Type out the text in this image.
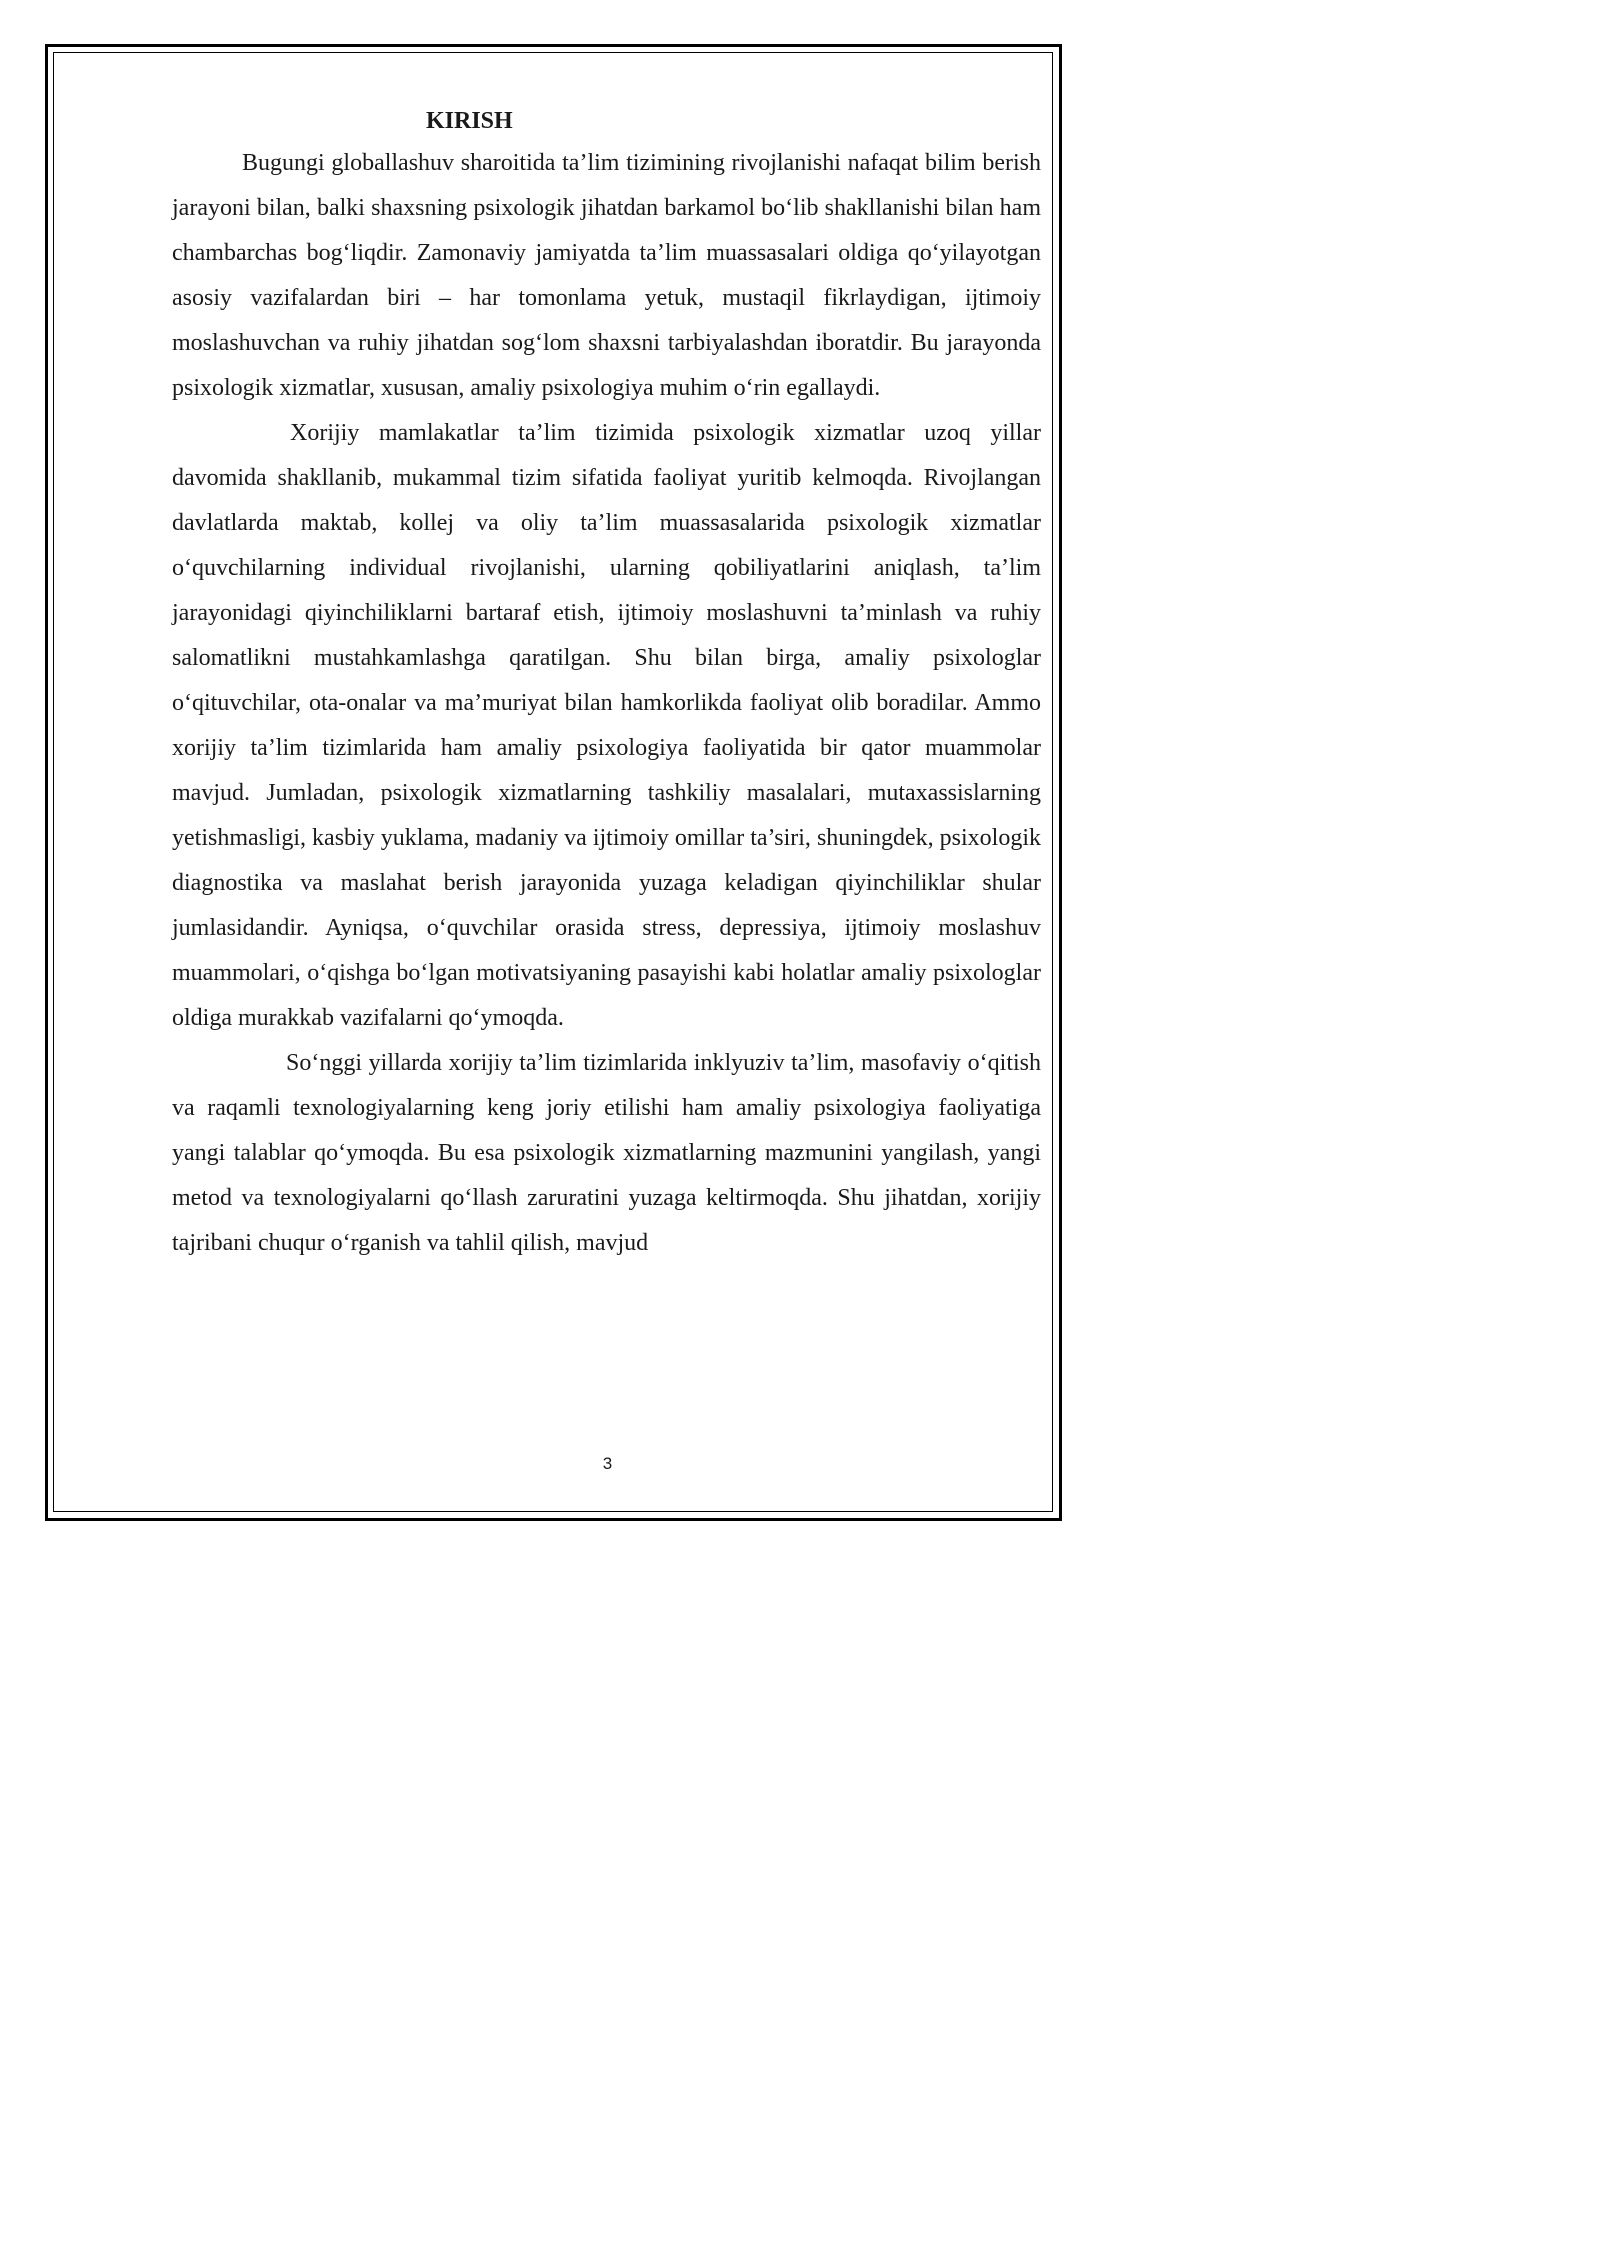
KIRISH

Bugungi globallashuv sharoitida ta’lim tizimining rivojlanishi nafaqat bilim berish jarayoni bilan, balki shaxsning psixologik jihatdan barkamol bo‘lib shakllanishi bilan ham chambarchas bog‘liqdir. Zamonaviy jamiyatda ta’lim muassasalari oldiga qo‘yilayotgan asosiy vazifalardan biri – har tomonlama yetuk, mustaqil fikrlaydigan, ijtimoiy moslashuvchan va ruhiy jihatdan sog‘lom shaxsni tarbiyalashdan iboratdir. Bu jarayonda psixologik xizmatlar, xususan, amaliy psixologiya muhim o‘rin egallaydi.

Xorijiy mamlakatlar ta’lim tizimida psixologik xizmatlar uzoq yillar davomida shakllanib, mukammal tizim sifatida faoliyat yuritib kelmoqda. Rivojlangan davlatlarda maktab, kollej va oliy ta’lim muassasalarida psixologik xizmatlar o‘quvchilarning individual rivojlanishi, ularning qobiliyatlarini aniqlash, ta’lim jarayonidagi qiyinchiliklarni bartaraf etish, ijtimoiy moslashuvni ta’minlash va ruhiy salomatlikni mustahkamlashga qaratilgan. Shu bilan birga, amaliy psixologlar o‘qituvchilar, ota-onalar va ma’muriyat bilan hamkorlikda faoliyat olib boradilar. Ammo xorijiy ta’lim tizimlarida ham amaliy psixologiya faoliyatida bir qator muammolar mavjud. Jumladan, psixologik xizmatlarning tashkiliy masalalari, mutaxassislarning yetishmasligi, kasbiy yuklama, madaniy va ijtimoiy omillar ta’siri, shuningdek, psixologik diagnostika va maslahat berish jarayonida yuzaga keladigan qiyinchiliklar shular jumlasidandir. Ayniqsa, o‘quvchilar orasida stress, depressiya, ijtimoiy moslashuv muammolari, o‘qishga bo‘lgan motivatsiyaning pasayishi kabi holatlar amaliy psixologlar oldiga murakkab vazifalarni qo‘ymoqda.

So‘nggi yillarda xorijiy ta’lim tizimlarida inklyuziv ta’lim, masofaviy o‘qitish va raqamli texnologiyalarning keng joriy etilishi ham amaliy psixologiya faoliyatiga yangi talablar qo‘ymoqda. Bu esa psixologik xizmatlarning mazmunini yangilash, yangi metod va texnologiyalarni qo‘llash zaruratini yuzaga keltirmoqda. Shu jihatdan, xorijiy tajribani chuqur o‘rganish va tahlil qilish, mavjud

3
